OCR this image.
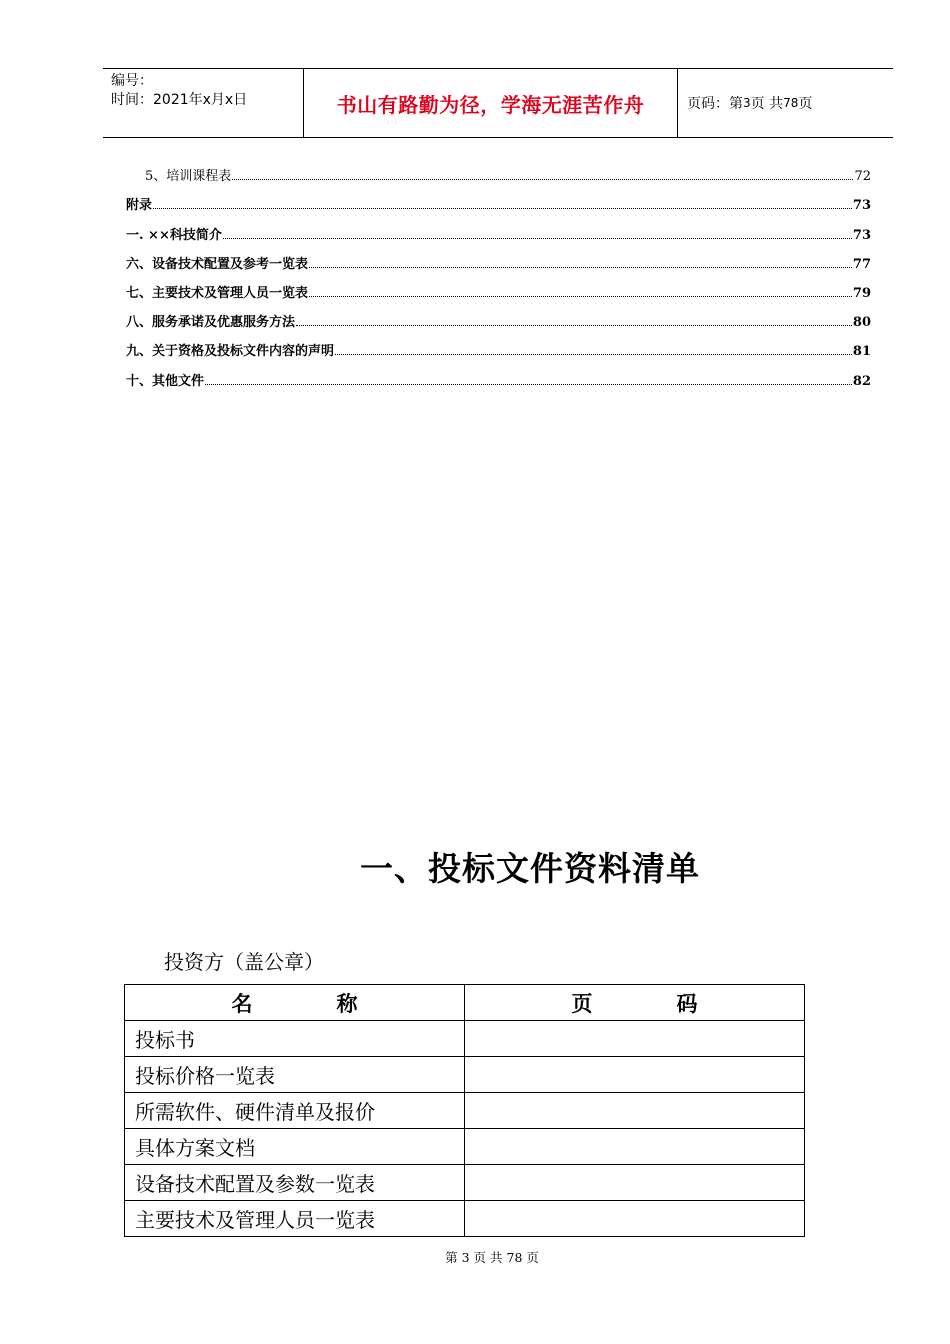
编号：
时间：2021年x月x日	书山有路勤为径，学海无涯苦作舟	页码：第 3 页 共 78 页
5、培训课程表	72
附录	73
一. ××科技简介	73
六、设备技术配置及参考一览表	77
七、主要技术及管理人员一览表	79
八、服务承诺及优惠服务方法	80
九、关于资格及投标文件内容的声明	81
十、其他文件	82
一、投标文件资料清单
投资方（盖公章）
名　　　　称	页　　　　码
投标书	
投标价格一览表	
所需软件、硬件清单及报价	
具体方案文档	
设备技术配置及参数一览表	
主要技术及管理人员一览表	
第 3 页 共 78 页
